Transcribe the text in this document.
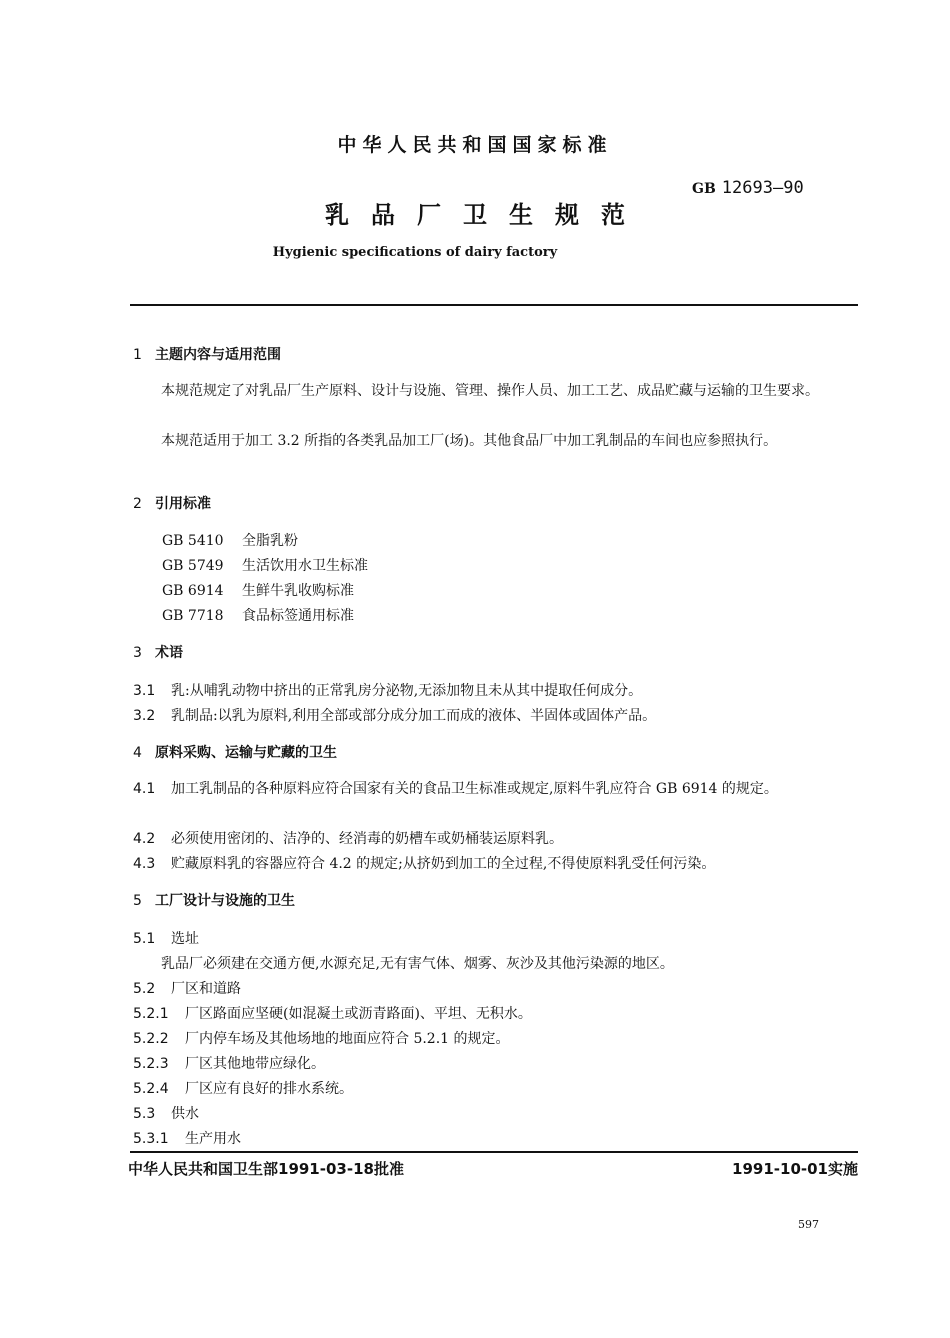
中华人民共和国国家标准
GB 12693—90
乳品厂卫生规范
Hygienic specifications of dairy factory
1 主题内容与适用范围
本规范规定了对乳品厂生产原料、设计与设施、管理、操作人员、加工工艺、成品贮藏与运输的卫生要求。
本规范适用于加工 3.2 所指的各类乳品加工厂(场)。其他食品厂中加工乳制品的车间也应参照执行。
2 引用标准
GB 5410 全脂乳粉
GB 5749 生活饮用水卫生标准
GB 6914 生鲜牛乳收购标准
GB 7718 食品标签通用标准
3 术语
3.1 乳:从哺乳动物中挤出的正常乳房分泌物,无添加物且未从其中提取任何成分。
3.2 乳制品:以乳为原料,利用全部或部分成分加工而成的液体、半固体或固体产品。
4 原料采购、运输与贮藏的卫生
4.1 加工乳制品的各种原料应符合国家有关的食品卫生标准或规定,原料牛乳应符合 GB 6914 的规定。
4.2 必须使用密闭的、洁净的、经消毒的奶槽车或奶桶装运原料乳。
4.3 贮藏原料乳的容器应符合 4.2 的规定;从挤奶到加工的全过程,不得使原料乳受任何污染。
5 工厂设计与设施的卫生
5.1 选址
乳品厂必须建在交通方便,水源充足,无有害气体、烟雾、灰沙及其他污染源的地区。
5.2 厂区和道路
5.2.1 厂区路面应坚硬(如混凝土或沥青路面)、平坦、无积水。
5.2.2 厂内停车场及其他场地的地面应符合 5.2.1 的规定。
5.2.3 厂区其他地带应绿化。
5.2.4 厂区应有良好的排水系统。
5.3 供水
5.3.1 生产用水
中华人民共和国卫生部1991-03-18批准	1991-10-01实施
597
